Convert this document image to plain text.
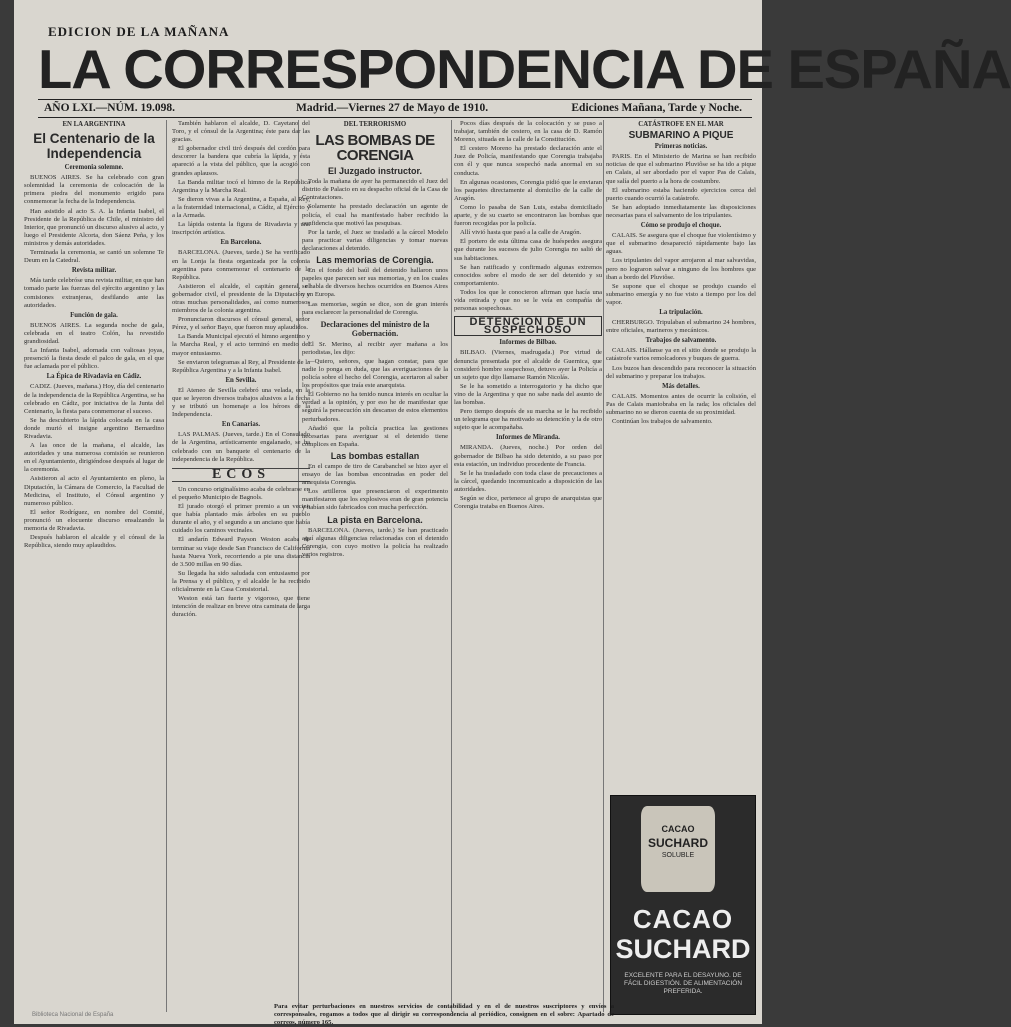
EDICION DE LA MAÑANA
LA CORRESPONDENCIA DE ESPAÑA
AÑO LXI.—NÚM. 19.098.	Madrid.—Viernes 27 de Mayo de 1910.	Ediciones Mañana, Tarde y Noche.
EN LA ARGENTINA
El Centenario de la Independencia
Ceremonia solemne.

BUENOS AIRES. Se ha celebrado con gran solemnidad la ceremonia de colocación de la primera piedra del monumento erigido para conmemorar la fecha de la Independencia.

Han asistido al acto S. A. la Infanta Isabel, el Presidente de la República de Chile, el ministro del Interior, que pronunció un discurso alusivo al acto, y luego el Presidente Alcorta, don Sáenz Peña, y los ministros y demás autoridades.

Terminada la ceremonia, se cantó un solemne Te Deum en la Catedral.

Revista militar.

Más tarde celebróse una revista militar, en que han tomado parte las fuerzas del ejército argentino y las comisiones extranjeras, desfilando ante las autoridades.

Función de gala.

BUENOS AIRES. La segunda noche de gala, celebrada en el teatro Colón, ha revestido grandiosidad.

La Infanta Isabel, adornada con valiosas joyas, presenció la fiesta desde el palco de gala, en el que fue aclamada por el público.

La Épica de Rivadavia en Cádiz.

CADIZ. (Jueves, mañana.) Hoy, día del centenario de la independencia de la República Argentina, se ha celebrado en Cádiz, por iniciativa de la Junta del Centenario, la fiesta para conmemorar el suceso.

Se ha descubierto la lápida colocada en la casa donde murió el insigne argentino Bernardino Rivadavia.

A las once de la mañana, el alcalde, las autoridades y una numerosa comisión se reunieron en el Ayuntamiento, dirigiéndose después al lugar de la ceremonia.

Asistieron al acto el Ayuntamiento en pleno, la Diputación, la Cámara de Comercio, la Facultad de Medicina, el Instituto, el Cónsul argentino y numeroso público.

El señor Rodríguez, en nombre del Comité, pronunció un elocuente discurso ensalzando la memoria de Rivadavia.

Después hablaron el alcalde y el cónsul de la República, siendo muy aplaudidos.

También hablaron el alcalde, D. Cayetano del Toro, y el cónsul de la Argentina; éste para dar las gracias.

El gobernador civil tiró después del cordón para descorrer la bandera que cubría la lápida, y ésta apareció a la vista del público, que la acogió con grandes aplausos.

La Banda militar tocó el himno de la República Argentina y la Marcha Real.

Se dieron vivas a la Argentina, a España, al Rey, a la fraternidad internacional, a Cádiz, al Ejército y a la Armada.

La lápida ostenta la figura de Rivadavia y una inscripción artística.

En Barcelona.

BARCELONA. (Jueves, tarde.) Se ha verificado en la Lonja la fiesta organizada por la colonia argentina para conmemorar el centenario de la República.

Asistieron el alcalde, el capitán general, el gobernador civil, el presidente de la Diputación y otras muchas personalidades, así como numerosos miembros de la colonia argentina.

Pronunciaron discursos el cónsul general, señor Pérez, y el señor Bayo, que fueron muy aplaudidos.

La Banda Municipal ejecutó el himno argentino y la Marcha Real, y el acto terminó en medio del mayor entusiasmo.

Se enviaron telegramas al Rey, al Presidente de la República Argentina y a la Infanta Isabel.

En Sevilla.

El Ateneo de Sevilla celebró una velada, en la que se leyeron diversos trabajos alusivos a la fecha y se tributó un homenaje a los héroes de la Independencia.

En Canarias.

LAS PALMAS. (Jueves, tarde.) En el Consulado de la Argentina, artísticamente engalanado, se ha celebrado con un banquete el centenario de la independencia de la República.

ECOS

Un concurso originalísimo acaba de celebrarse en el pequeño Municipio de Bagnols.

El jurado otorgó el primer premio a un vecino que había plantado más árboles en su pueblo durante el año, y el segundo a un anciano que había cuidado los caminos vecinales.

El andarín Edward Payson Weston acaba de terminar su viaje desde San Francisco de California hasta Nueva York, recorriendo a pie una distancia de 3.500 millas en 90 días.

Su llegada ha sido saludada con entusiasmo por la Prensa y el público, y el alcalde le ha recibido oficialmente en la Casa Consistorial.

Weston está tan fuerte y vigoroso, que tiene intención de realizar en breve otra caminata de larga duración.

DEL TERRORISMO
LAS BOMBAS DE CORENGIA
El Juzgado instructor.

Toda la mañana de ayer ha permanecido el Juez del distrito de Palacio en su despacho oficial de la Casa de Contrataciones.

Solamente ha prestado declaración un agente de policía, el cual ha manifestado haber recibido la confidencia que motivó las pesquisas.

Por la tarde, el Juez se trasladó a la cárcel Modelo para practicar varias diligencias y tomar nuevas declaraciones al detenido.

Las memorias de Corengia.

En el fondo del baúl del detenido hallaron unos papeles que parecen ser sus memorias, y en los cuales se habla de diversos hechos ocurridos en Buenos Aires y en Europa.

Las memorias, según se dice, son de gran interés para esclarecer la personalidad de Corengia.

Declaraciones del ministro de la Gobernación.

El Sr. Merino, al recibir ayer mañana a los periodistas, les dijo:

—Quiero, señores, que hagan constar, para que nadie lo ponga en duda, que las averiguaciones de la policía sobre el hecho del Corengia, acertaron al saber los propósitos que traía este anarquista.

El Gobierno no ha tenido nunca interés en ocultar la verdad a la opinión, y por eso he de manifestar que seguirá la persecución sin descanso de estos elementos perturbadores.

Añadió que la policía practica las gestiones necesarias para averiguar si el detenido tiene cómplices en España.

Las bombas estallan

En el campo de tiro de Carabanchel se hizo ayer el ensayo de las bombas encontradas en poder del anarquista Corengia.

Los artilleros que presenciaron el experimento manifestaron que los explosivos eran de gran potencia y habían sido fabricados con mucha perfección.

La pista en Barcelona.

BARCELONA. (Jueves, tarde.) Se han practicado aquí algunas diligencias relacionadas con el detenido Corengia, con cuyo motivo la policía ha realizado varios registros.

Pocos días después de la colocación y se puso a trabajar, también de cestero, en la casa de D. Ramón Moreno, situada en la calle de la Constitución.

El cestero Moreno ha prestado declaración ante el Juez de Policía, manifestando que Corengia trabajaba con él y que nunca sospechó nada anormal en su conducta.

En algunas ocasiones, Corengia pidió que le enviaran los paquetes directamente al domicilio de la calle de Aragón.

Como lo pasaba de San Luis, estaba domiciliado aparte, y de su cuarto se encontraron las bombas que fueron recogidas por la policía.

Allí vivió hasta que pasó a la calle de Aragón.

El portero de esta última casa de huéspedes asegura que durante los sucesos de julio Corengia no salió de sus habitaciones.

Se han ratificado y confirmado algunas extremos conocidos sobre el modo de ser del detenido y su comportamiento.

Todos los que le conocieron afirman que hacía una vida retirada y que no se le veía en compañía de personas sospechosas.

DETENCION DE UN SOSPECHOSO
Informes de Bilbao.

BILBAO. (Viernes, madrugada.) Por virtud de denuncia presentada por el alcalde de Guernica, que consideró hombre sospechoso, detuvo ayer la Policía a un sujeto que dijo llamarse Ramón Nicolás.

Se le ha sometido a interrogatorio y ha dicho que vino de la Argentina y que no sabe nada del asunto de las bombas.

Pero tiempo después de su marcha se le ha recibido un telegrama que ha motivado su detención y la de otro sujeto que le acompañaba.

Informes de Miranda.

MIRANDA. (Jueves, noche.) Por orden del gobernador de Bilbao ha sido detenido, a su paso por esta estación, un individuo procedente de Francia.

Se le ha trasladado con toda clase de precauciones a la cárcel, quedando incomunicado a disposición de las autoridades.

Según se dice, pertenece al grupo de anarquistas que Corengia trataba en Buenos Aires.

CATÁSTROFE EN EL MAR
SUBMARINO A PIQUE
Primeras noticias.

PARIS. En el Ministerio de Marina se han recibido noticias de que el submarino Pluviôse se ha ido a pique en Calais, al ser abordado por el vapor Pas de Calais, que salía del puerto a la hora de costumbre.

El submarino estaba haciendo ejercicios cerca del puerto cuando ocurrió la catástrofe.

Se han adoptado inmediatamente las disposiciones necesarias para el salvamento de los tripulantes.

Cómo se produjo el choque.

CALAIS. Se asegura que el choque fue violentísimo y que el submarino desapareció rápidamente bajo las aguas.

Los tripulantes del vapor arrojaron al mar salvavidas, pero no lograron salvar a ninguno de los hombres que iban a bordo del Pluviôse.

Se supone que el choque se produjo cuando el submarino emergía y no fue visto a tiempo por los del vapor.

La tripulación.

CHERBURGO. Tripulaban el submarino 24 hombres, entre oficiales, marineros y mecánicos.

Trabajos de salvamento.

CALAIS. Hállanse ya en el sitio donde se produjo la catástrofe varios remolcadores y buques de guerra.

Los buzos han descendido para reconocer la situación del submarino y preparar los trabajos.

Más detalles.

CALAIS. Momentos antes de ocurrir la colisión, el Pas de Calais maniobraba en la rada; los oficiales del submarino no se dieron cuenta de su proximidad.

Continúan los trabajos de salvamento.

CACAO
SUCHARD
SOLUBLE
CACAO
SUCHARD
EXCELENTE PARA EL DESAYUNO. DE FÁCIL DIGESTIÓN. DE ALIMENTACIÓN PREFERIDA.
Para evitar perturbaciones en nuestros servicios de contabilidad y en el de nuestros suscriptores y envíos a corresponsales, rogamos a todos que al dirigir su correspondencia al periódico, consignen en el sobre: Apartado de correos, número 165.
Biblioteca Nacional de España
